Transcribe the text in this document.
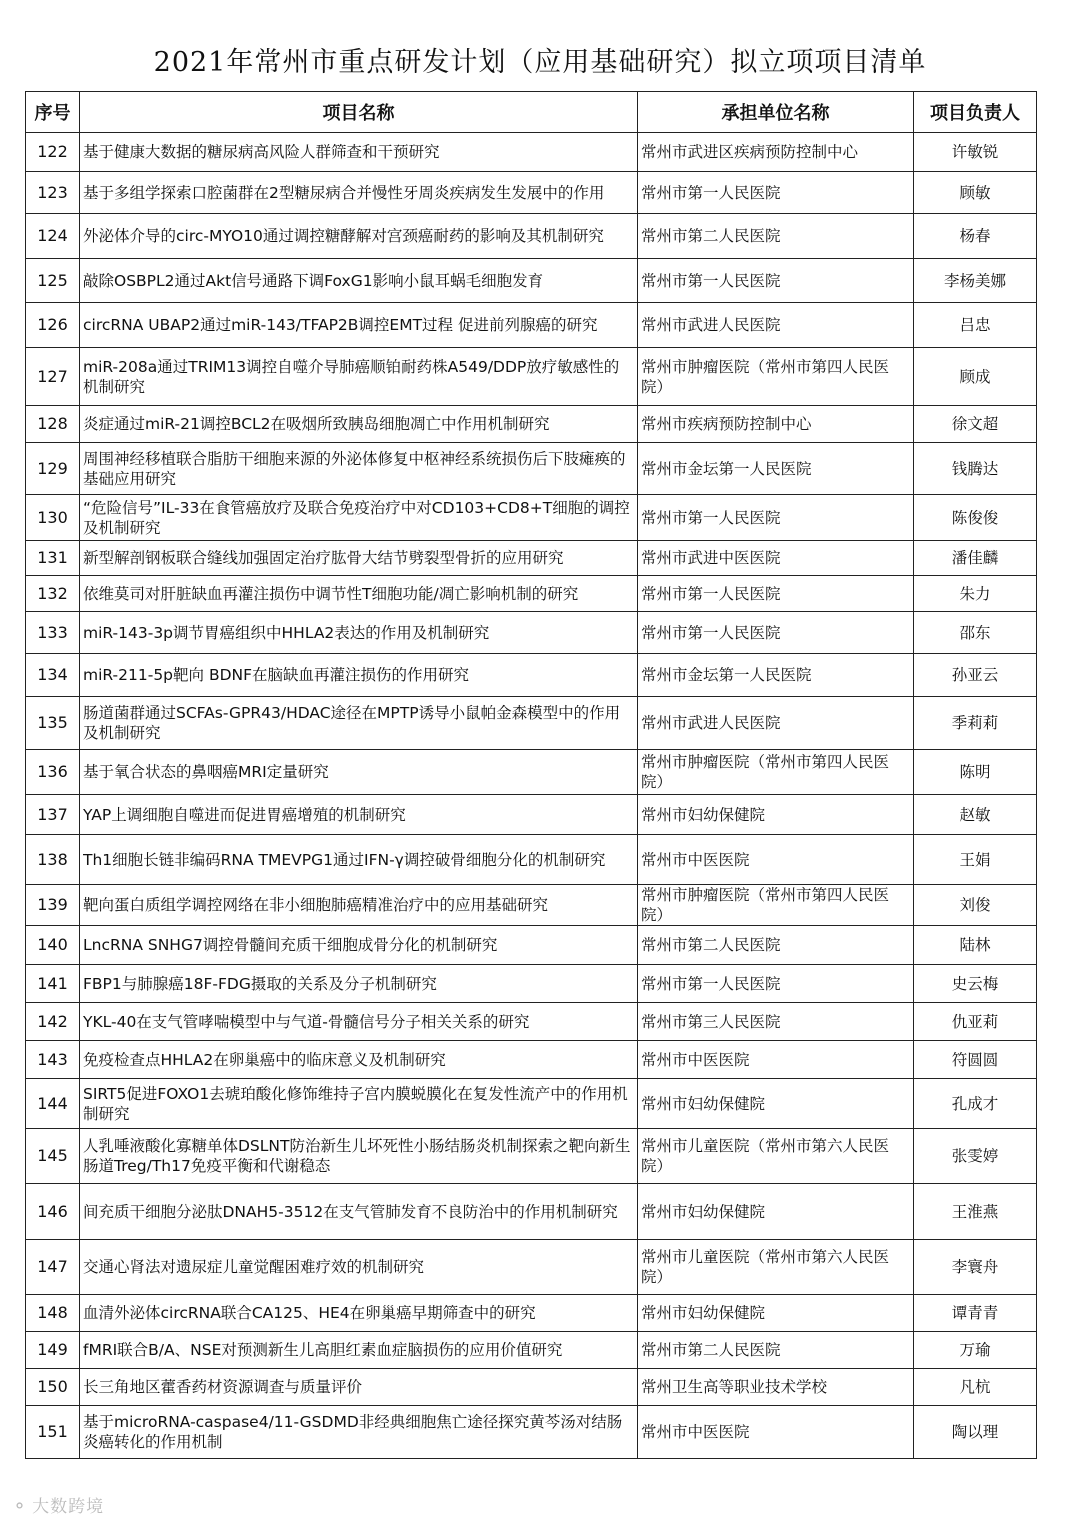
2021年常州市重点研发计划（应用基础研究）拟立项项目清单
序号	项目名称	承担单位名称	项目负责人

122	基于健康大数据的糖尿病高风险人群筛查和干预研究	常州市武进区疾病预防控制中心	许敏锐

123	基于多组学探索口腔菌群在2型糖尿病合并慢性牙周炎疾病发生发展中的作用	常州市第一人民医院	顾敏

124	外泌体介导的circ-MYO10通过调控糖酵解对宫颈癌耐药的影响及其机制研究	常州市第二人民医院	杨春

125	敲除OSBPL2通过Akt信号通路下调FoxG1影响小鼠耳蜗毛细胞发育	常州市第一人民医院	李杨美娜

126	circRNA UBAP2通过miR-143/TFAP2B调控EMT过程 促进前列腺癌的研究	常州市武进人民医院	吕忠

127	miR-208a通过TRIM13调控自噬介导肺癌顺铂耐药株A549/DDP放疗敏感性的机制研究	常州市肿瘤医院（常州市第四人民医院）	顾成

128	炎症通过miR-21调控BCL2在吸烟所致胰岛细胞凋亡中作用机制研究	常州市疾病预防控制中心	徐文超

129	周围神经移植联合脂肪干细胞来源的外泌体修复中枢神经系统损伤后下肢瘫痪的基础应用研究	常州市金坛第一人民医院	钱腾达

130	“危险信号”IL-33在食管癌放疗及联合免疫治疗中对CD103+CD8+T细胞的调控及机制研究	常州市第一人民医院	陈俊俊

131	新型解剖钢板联合缝线加强固定治疗肱骨大结节劈裂型骨折的应用研究	常州市武进中医医院	潘佳麟

132	依维莫司对肝脏缺血再灌注损伤中调节性T细胞功能/凋亡影响机制的研究	常州市第一人民医院	朱力

133	miR-143-3p调节胃癌组织中HHLA2表达的作用及机制研究	常州市第一人民医院	邵东

134	miR-211-5p靶向 BDNF在脑缺血再灌注损伤的作用研究	常州市金坛第一人民医院	孙亚云

135	肠道菌群通过SCFAs-GPR43/HDAC途径在MPTP诱导小鼠帕金森模型中的作用及机制研究	常州市武进人民医院	季莉莉

136	基于氧合状态的鼻咽癌MRI定量研究	常州市肿瘤医院（常州市第四人民医院）	陈明

137	YAP上调细胞自噬进而促进胃癌增殖的机制研究	常州市妇幼保健院	赵敏

138	Th1细胞长链非编码RNA TMEVPG1通过IFN-γ调控破骨细胞分化的机制研究	常州市中医医院	王娟

139	靶向蛋白质组学调控网络在非小细胞肺癌精准治疗中的应用基础研究	常州市肿瘤医院（常州市第四人民医院）	刘俊

140	LncRNA SNHG7调控骨髓间充质干细胞成骨分化的机制研究	常州市第二人民医院	陆林

141	FBP1与肺腺癌18F-FDG摄取的关系及分子机制研究	常州市第一人民医院	史云梅

142	YKL-40在支气管哮喘模型中与气道-骨髓信号分子相关关系的研究	常州市第三人民医院	仇亚莉

143	免疫检查点HHLA2在卵巢癌中的临床意义及机制研究	常州市中医医院	符圆圆

144	SIRT5促进FOXO1去琥珀酸化修饰维持子宫内膜蜕膜化在复发性流产中的作用机制研究	常州市妇幼保健院	孔成才

145	人乳唾液酸化寡糖单体DSLNT防治新生儿坏死性小肠结肠炎机制探索之靶向新生肠道Treg/Th17免疫平衡和代谢稳态	常州市儿童医院（常州市第六人民医院）	张雯婷

146	间充质干细胞分泌肽DNAH5-3512在支气管肺发育不良防治中的作用机制研究	常州市妇幼保健院	王淮燕

147	交通心肾法对遗尿症儿童觉醒困难疗效的机制研究	常州市儿童医院（常州市第六人民医院）	李寰舟

148	血清外泌体circRNA联合CA125、HE4在卵巢癌早期筛查中的研究	常州市妇幼保健院	谭青青

149	fMRI联合B/A、NSE对预测新生儿高胆红素血症脑损伤的应用价值研究	常州市第二人民医院	万瑜

150	长三角地区藿香药材资源调查与质量评价	常州卫生高等职业技术学校	凡杭

151	基于microRNA-caspase4/11-GSDMD非经典细胞焦亡途径探究黄芩汤对结肠炎癌转化的作用机制	常州市中医医院	陶以理
⚬ 大数跨境
